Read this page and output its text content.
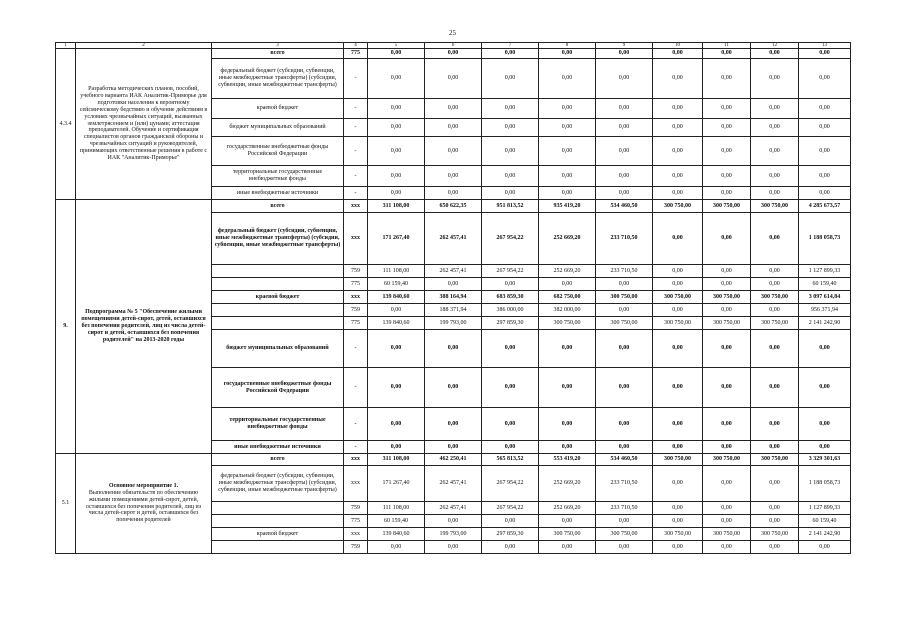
25
1	2	3	4	5	6	7	8	9	10	11	12	13
4.3.4	Разработка методических планов, пособий, учебного варианта ИАК Аналитик-Приморье для подготовки населения к вероятному сейсмическому бедствию и обучение действиям в условиях чрезвычайных ситуаций, вызванных землетрясением и (или) цунами; аттестация преподавателей. Обучение и сертификация специалистов органов гражданской обороны и чрезвычайных ситуаций и руководителей, принимающих ответственные решения в работе с ИАК "Аналитик-Приморье"	всего	775	0,00	0,00	0,00	0,00	0,00	0,00	0,00	0,00	0,00
		федеральный бюджет (субсидии, субвенции, иные межбюджетные трансферты) (субсидии, субвенции, иные межбюджетные трансферты)	-	0,00	0,00	0,00	0,00	0,00	0,00	0,00	0,00	0,00
		краевой бюджет	-	0,00	0,00	0,00	0,00	0,00	0,00	0,00	0,00	0,00
		бюджет муниципальных образований	-	0,00	0,00	0,00	0,00	0,00	0,00	0,00	0,00	0,00
		государственные внебюджетные фонды Российской Федерации	-	0,00	0,00	0,00	0,00	0,00	0,00	0,00	0,00	0,00
		территориальные государственные внебюджетные фонды	-	0,00	0,00	0,00	0,00	0,00	0,00	0,00	0,00	0,00
		иные внебюджетные источники	-	0,00	0,00	0,00	0,00	0,00	0,00	0,00	0,00	0,00
9.	Подпрограмма № 5 "Обеспечение жилыми помещениями детей-сирот, детей, оставшихся без попечения родителей, лиц из числа детей-сирот и детей, оставшихся без попечения родителей" на 2013-2020 годы	всего	ххх	311 108,00	650 622,35	951 813,52	935 419,20	534 460,50	300 750,00	300 750,00	300 750,00	4 285 673,57
		федеральный бюджет (субсидии, субвенции, иные межбюджетные трансферты) (субсидии, субвенции, иные межбюджетные трансферты)	ххх	171 267,40	262 457,41	267 954,22	252 669,20	233 710,50	0,00	0,00	0,00	1 188 058,73
			759	111 108,00	262 457,41	267 954,22	252 669,20	233 710,50	0,00	0,00	0,00	1 127 899,33
			775	60 159,40	0,00	0,00	0,00	0,00	0,00	0,00	0,00	60 159,40
		краевой бюджет	ххх	139 840,60	388 164,94	683 859,30	682 750,00	300 750,00	300 750,00	300 750,00	300 750,00	3 097 614,84
			759	0,00	188 371,94	386 000,00	382 000,00	0,00	0,00	0,00	0,00	956 371,94
			775	139 840,60	199 793,00	297 859,30	300 750,00	300 750,00	300 750,00	300 750,00	300 750,00	2 141 242,90
		бюджет муниципальных образований	-	0,00	0,00	0,00	0,00	0,00	0,00	0,00	0,00	0,00
		государственные внебюджетные фонды Российской Федерации	-	0,00	0,00	0,00	0,00	0,00	0,00	0,00	0,00	0,00
		территориальные государственные внебюджетные фонды	-	0,00	0,00	0,00	0,00	0,00	0,00	0,00	0,00	0,00
		иные внебюджетные источники	-	0,00	0,00	0,00	0,00	0,00	0,00	0,00	0,00	0,00
5.1	Основное мероприятие 1.
Выполнение обязательств по обеспечению жилыми помещениями детей-сирот, детей, оставшихся без попечения родителей, лиц из числа детей-сирот и детей, оставшихся без попечения родителей	всего	ххх	311 108,00	462 250,41	565 813,52	553 419,20	534 460,50	300 750,00	300 750,00	300 750,00	3 329 301,63
		федеральный бюджет (субсидии, субвенции, иные межбюджетные трансферты) (субсидии, субвенции, иные межбюджетные трансферты)	ххх	171 267,40	262 457,41	267 954,22	252 669,20	233 710,50	0,00	0,00	0,00	1 188 058,73
			759	111 108,00	262 457,41	267 954,22	252 669,20	233 710,50	0,00	0,00	0,00	1 127 899,33
			775	60 159,40	0,00	0,00	0,00	0,00	0,00	0,00	0,00	60 159,40
		краевой бюджет	ххх	139 840,60	199 793,00	297 859,30	300 750,00	300 750,00	300 750,00	300 750,00	300 750,00	2 141 242,90
			759	0,00	0,00	0,00	0,00	0,00	0,00	0,00	0,00	0,00
